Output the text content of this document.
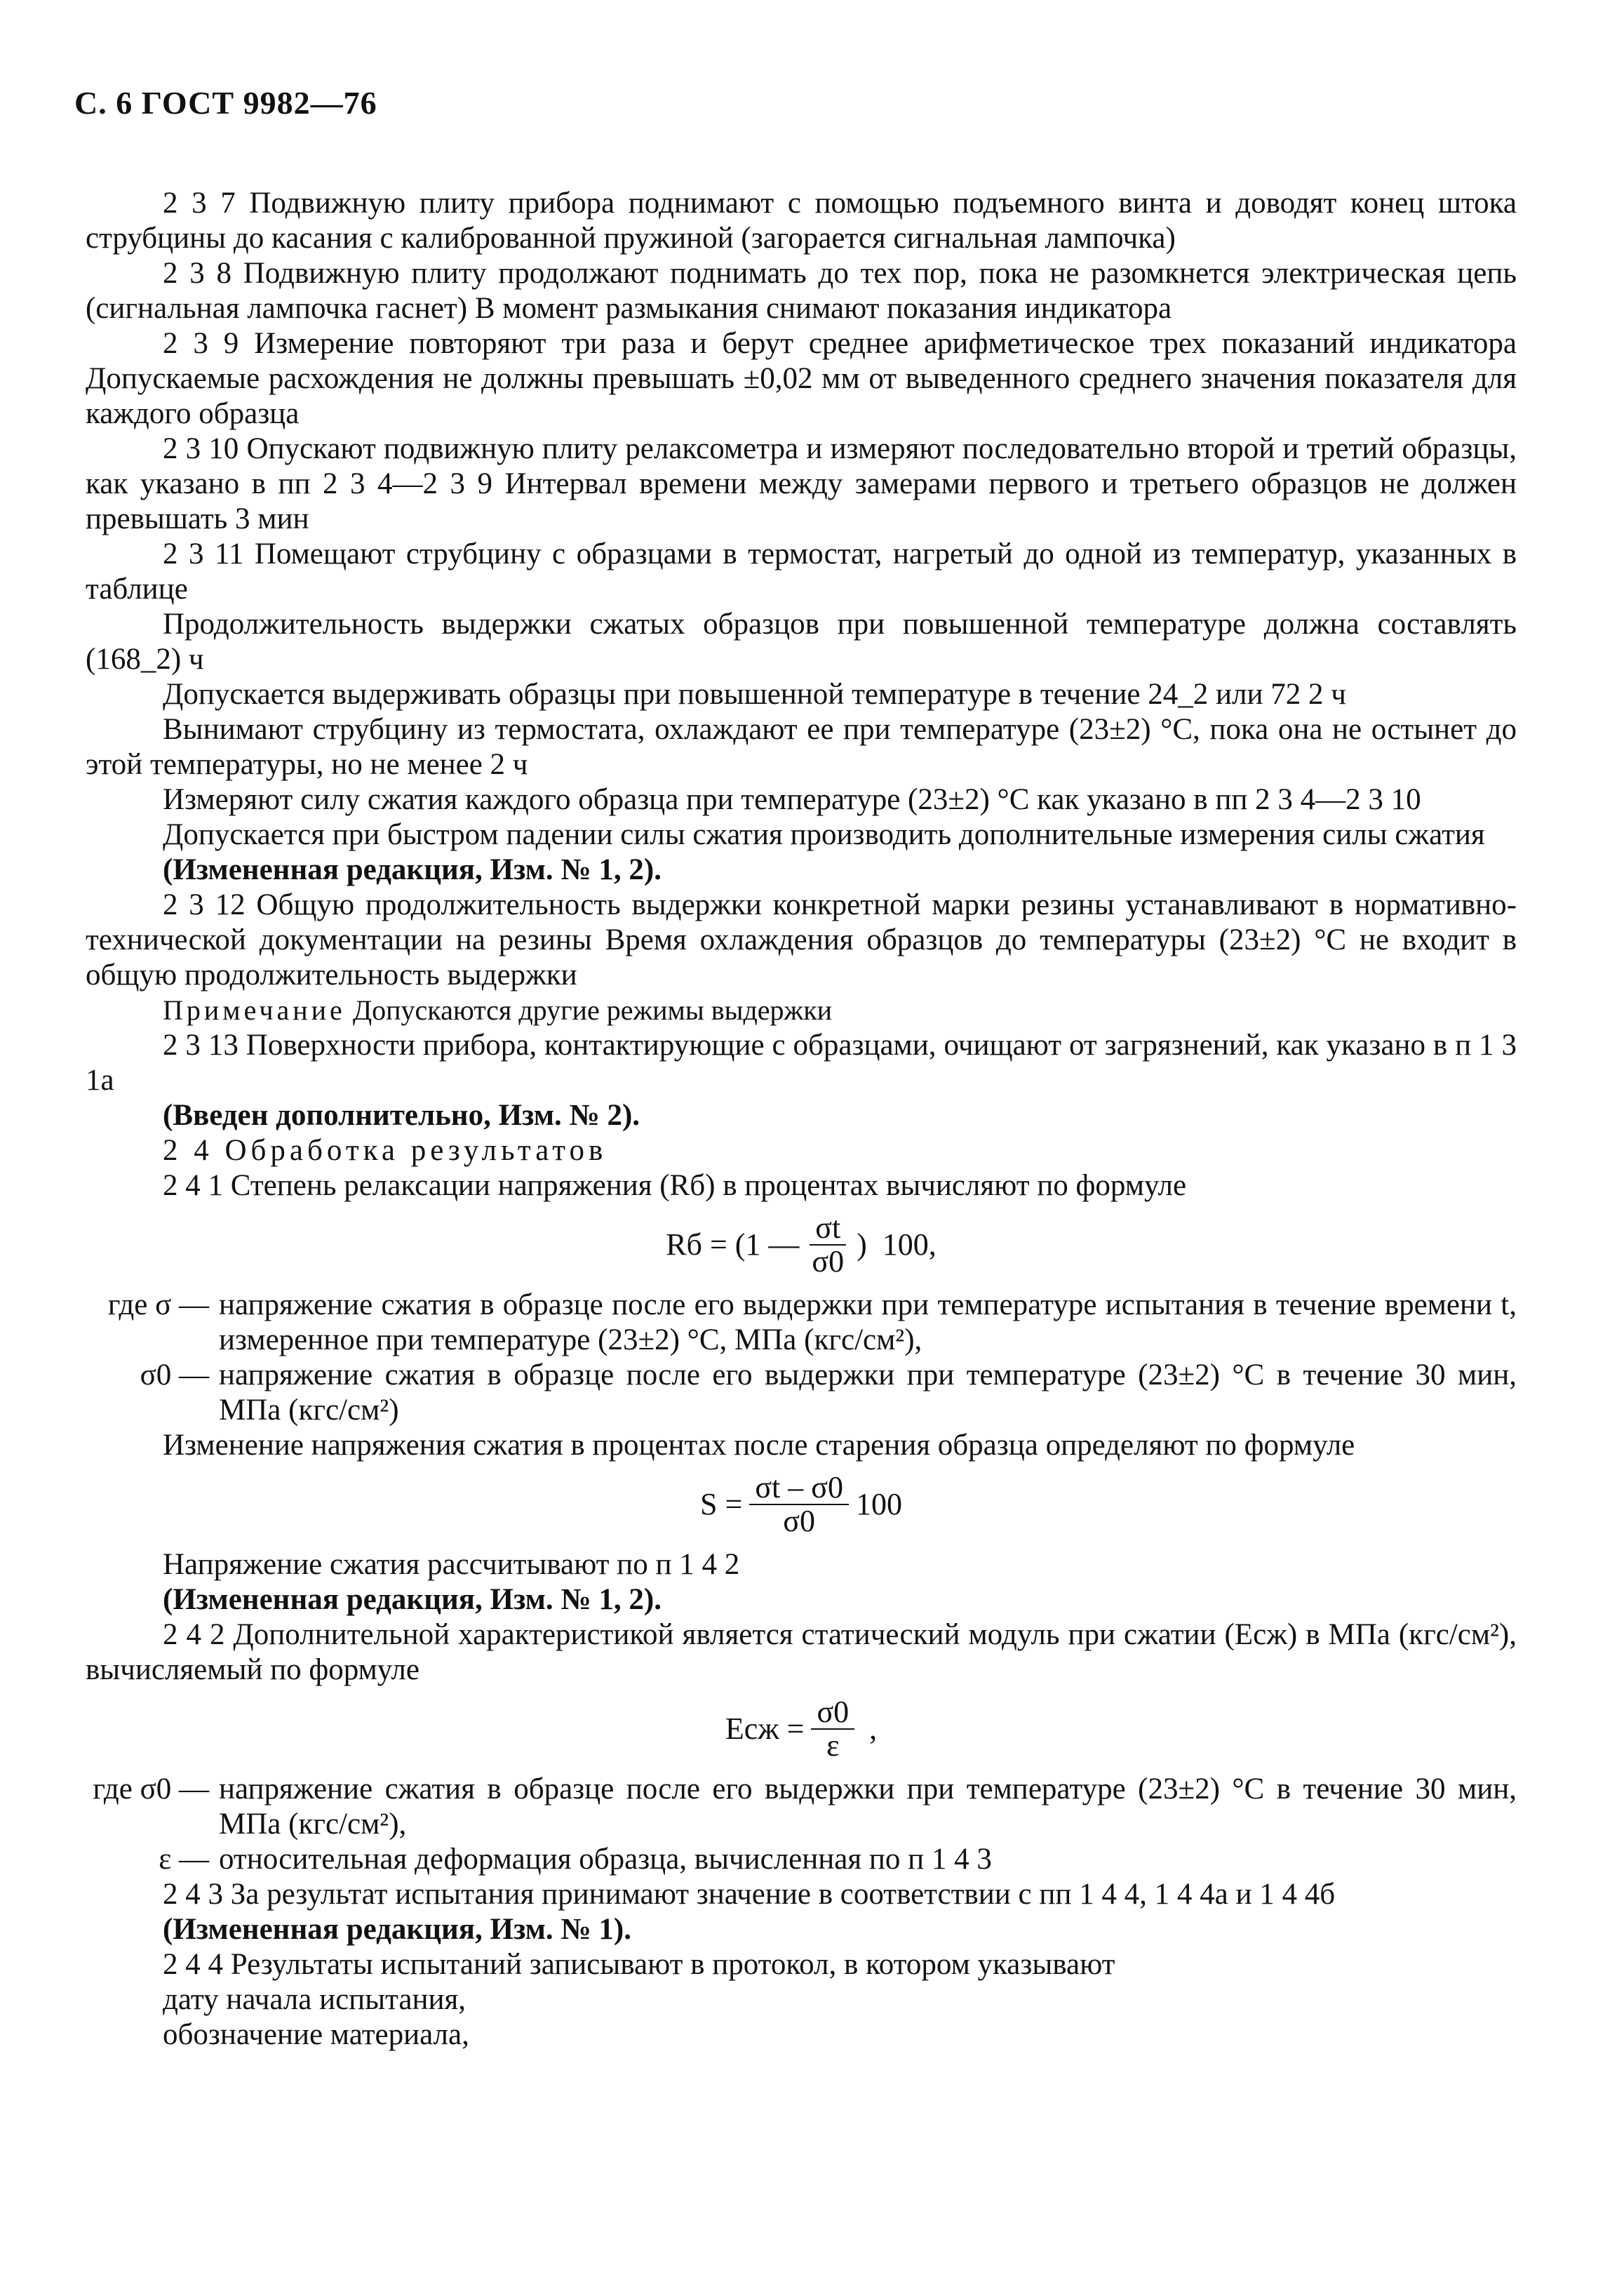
С. 6 ГОСТ 9982—76

2 3 7 Подвижную плиту прибора поднимают с помощью подъемного винта и доводят конец штока струбцины до касания с калиброванной пружиной (загорается сигнальная лампочка)

2 3 8 Подвижную плиту продолжают поднимать до тех пор, пока не разомкнется электрическая цепь (сигнальная лампочка гаснет) В момент размыкания снимают показания индикатора

2 3 9 Измерение повторяют три раза и берут среднее арифметическое трех показаний индикатора Допускаемые расхождения не должны превышать ±0,02 мм от выведенного среднего значения показателя для каждого образца

2 3 10 Опускают подвижную плиту релаксометра и измеряют последовательно второй и третий образцы, как указано в пп 2 3 4—2 3 9 Интервал времени между замерами первого и третьего образцов не должен превышать 3 мин

2 3 11 Помещают струбцину с образцами в термостат, нагретый до одной из температур, указанных в таблице

Продолжительность выдержки сжатых образцов при повышенной температуре должна составлять (168_2) ч

Допускается выдерживать образцы при повышенной температуре в течение 24_2 или 72 2 ч

Вынимают струбцину из термостата, охлаждают ее при температуре (23±2) °С, пока она не остынет до этой температуры, но не менее 2 ч

Измеряют силу сжатия каждого образца при температуре (23±2) °С как указано в пп 2 3 4—2 3 10

Допускается при быстром падении силы сжатия производить дополнительные измерения силы сжатия

(Измененная редакция, Изм. № 1, 2).

2 3 12 Общую продолжительность выдержки конкретной марки резины устанавливают в нормативно-технической документации на резины Время охлаждения образцов до температуры (23±2) °С не входит в общую продолжительность выдержки

Примечание Допускаются другие режимы выдержки

2 3 13 Поверхности прибора, контактирующие с образцами, очищают от загрязнений, как указано в п 1 3 1а

(Введен дополнительно, Изм. № 2).

2 4 Обработка результатов

2 4 1 Степень релаксации напряжения (Rб) в процентах вычисляют по формуле

Rб = (1 — $\frac{\sigma t}{\sigma 0}$ )  100,
где σ — напряжение сжатия в образце после его выдержки при температуре испытания в течение времени t, измеренное при температуре (23±2) °С, МПа (кгс/см²),
σ0 — напряжение сжатия в образце после его выдержки при температуре (23±2) °С в течение 30 мин, МПа (кгс/см²)

Изменение напряжения сжатия в процентах после старения образца определяют по формуле

$S = \frac{\sigma t - \sigma 0}{\sigma 0} 100$

Напряжение сжатия рассчитывают по п 1 4 2

(Измененная редакция, Изм. № 1, 2).

2 4 2 Дополнительной характеристикой является статический модуль при сжатии (Eсж) в МПа (кгс/см²), вычисляемый по формуле

Eсж = $\frac{\sigma 0}{\varepsilon}$ ,
где σ0 — напряжение сжатия в образце после его выдержки при температуре (23±2) °С в течение 30 мин, МПа (кгс/см²),
ε — относительная деформация образца, вычисленная по п 1 4 3

2 4 3 За результат испытания принимают значение в соответствии с пп 1 4 4, 1 4 4а и 1 4 4б

(Измененная редакция, Изм. № 1).

2 4 4 Результаты испытаний записывают в протокол, в котором указывают

дату начала испытания,

обозначение материала,
